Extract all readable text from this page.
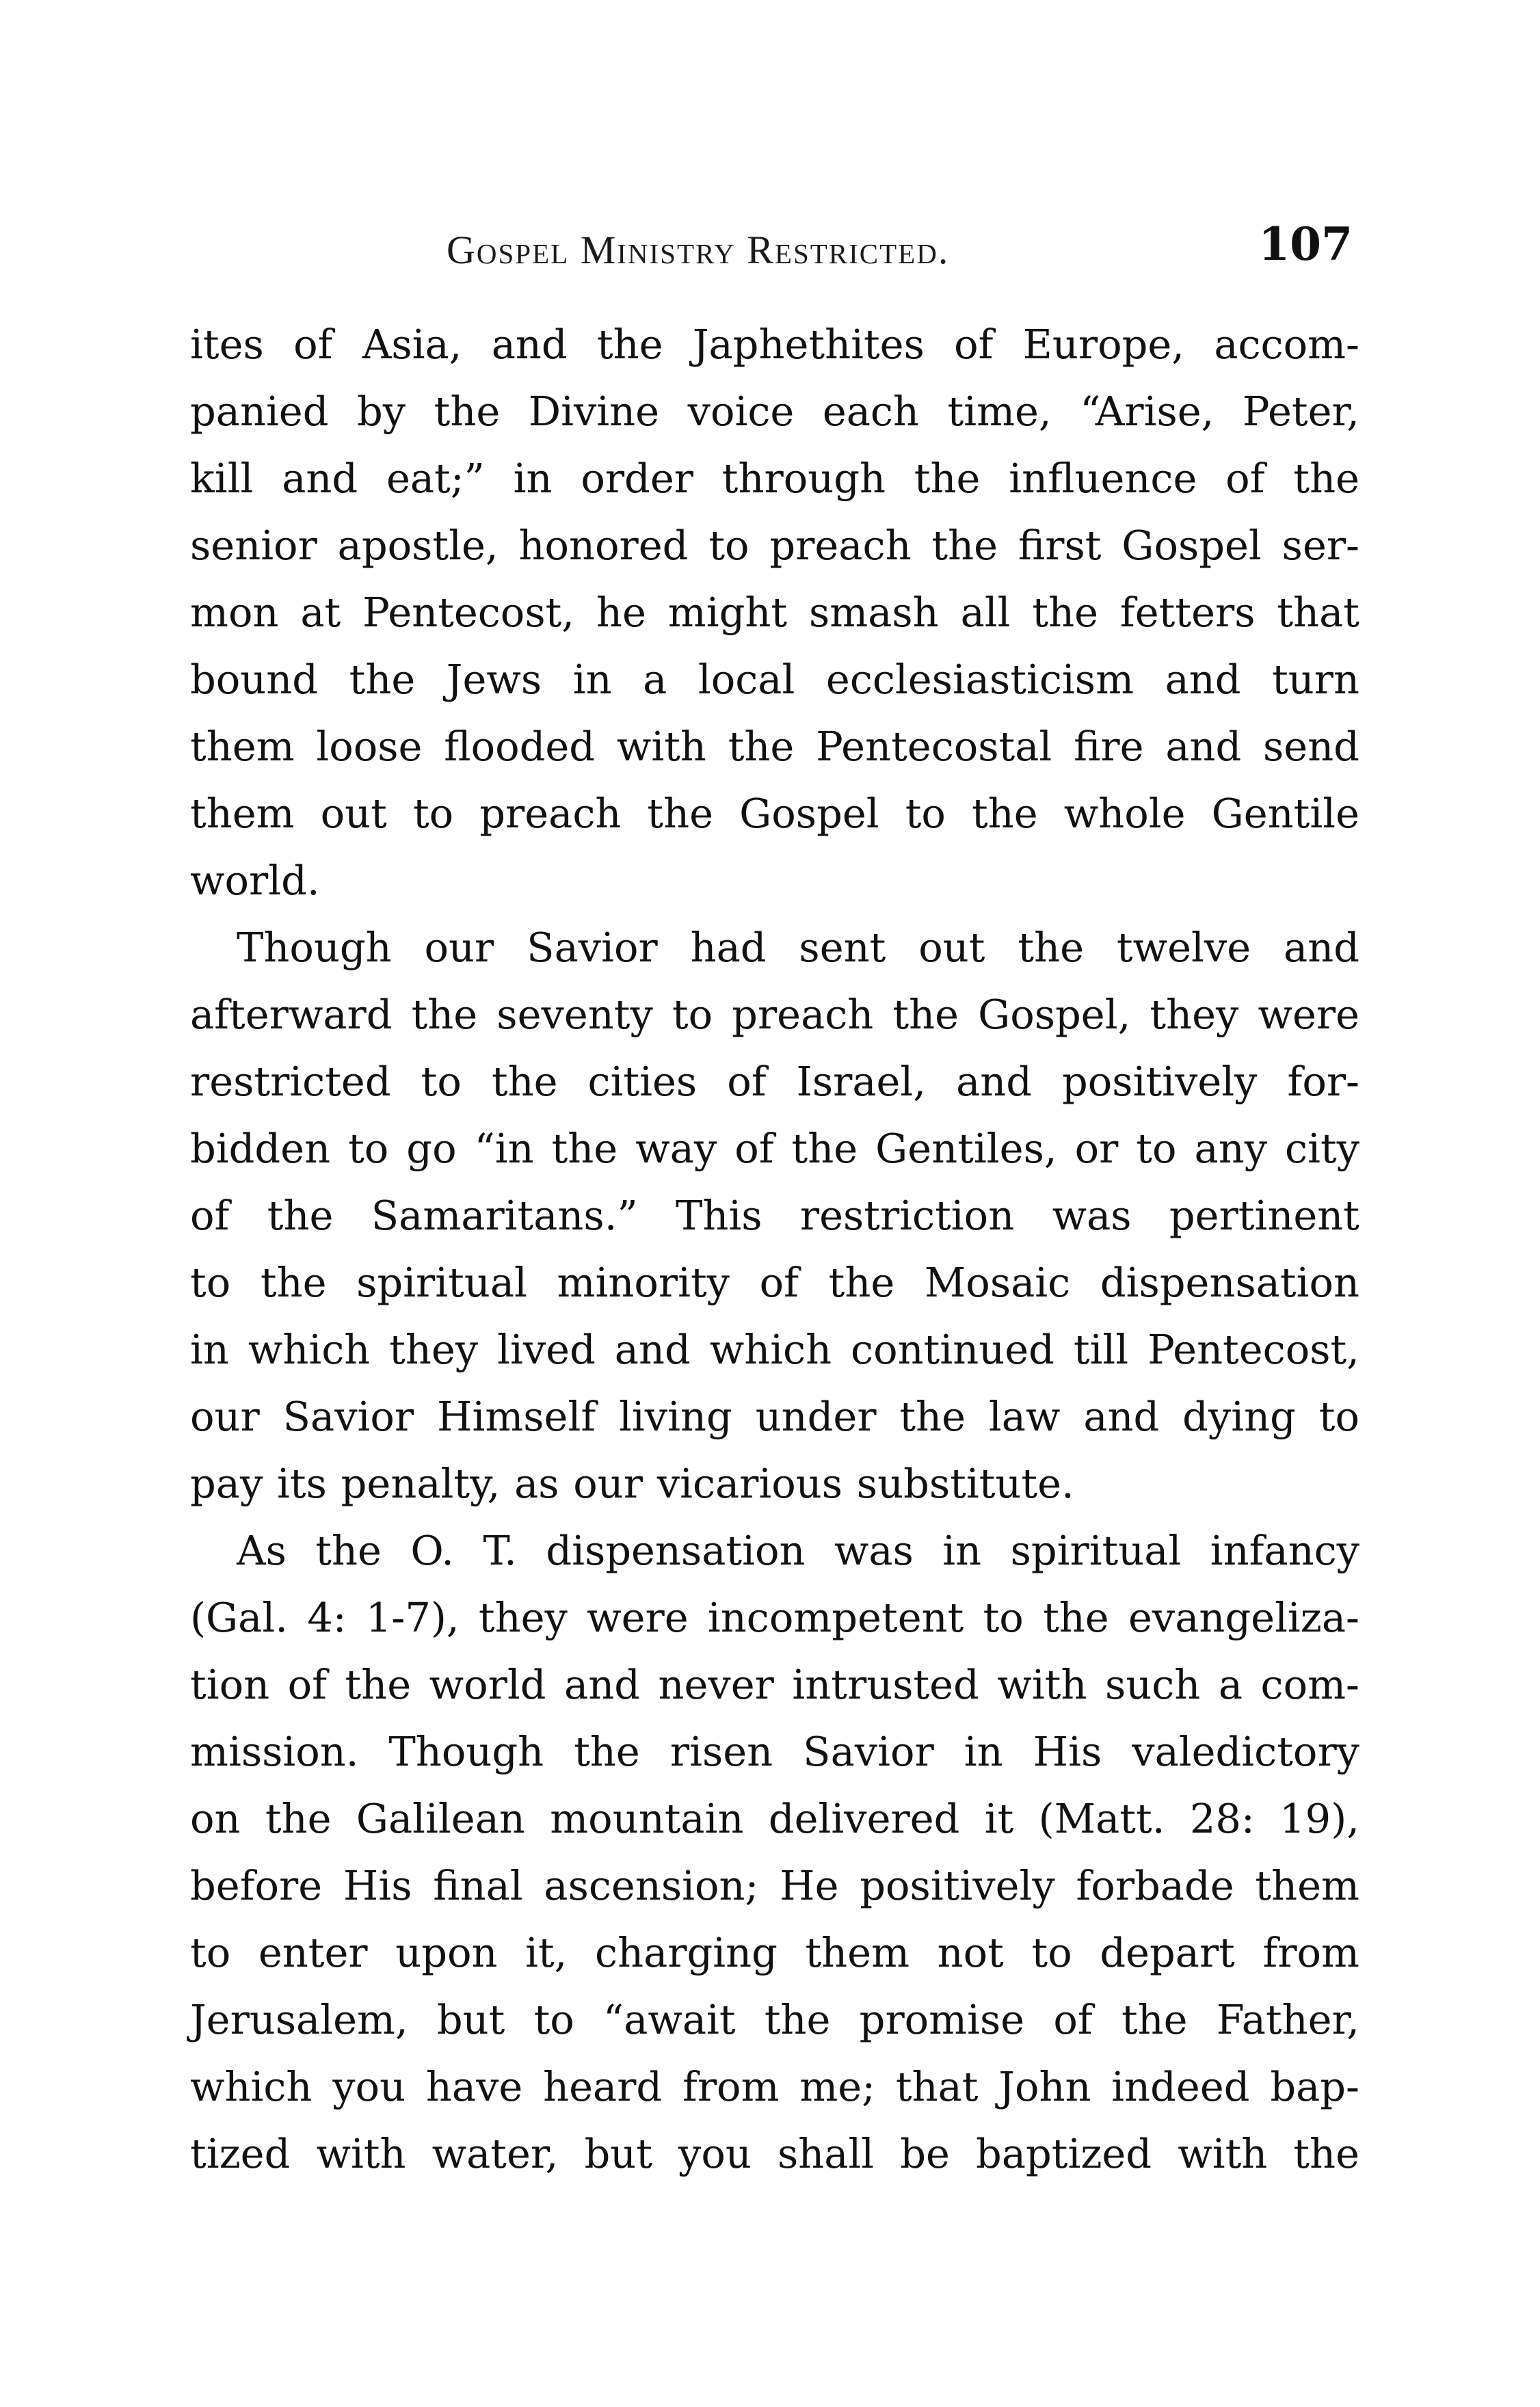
Gospel Ministry Restricted.	107
ites of Asia, and the Japhethites of Europe, accom-
panied by the Divine voice each time, “Arise, Peter,
kill and eat;” in order through the influence of the
senior apostle, honored to preach the first Gospel ser-
mon at Pentecost, he might smash all the fetters that
bound the Jews in a local ecclesiasticism and turn
them loose flooded with the Pentecostal fire and send
them out to preach the Gospel to the whole Gentile
world.
Though our Savior had sent out the twelve and
afterward the seventy to preach the Gospel, they were
restricted to the cities of Israel, and positively for-
bidden to go “in the way of the Gentiles, or to any city
of the Samaritans.” This restriction was pertinent
to the spiritual minority of the Mosaic dispensation
in which they lived and which continued till Pentecost,
our Savior Himself living under the law and dying to
pay its penalty, as our vicarious substitute.
As the O. T. dispensation was in spiritual infancy
(Gal. 4: 1-7), they were incompetent to the evangeliza-
tion of the world and never intrusted with such a com-
mission. Though the risen Savior in His valedictory
on the Galilean mountain delivered it (Matt. 28: 19),
before His final ascension; He positively forbade them
to enter upon it, charging them not to depart from
Jerusalem, but to “await the promise of the Father,
which you have heard from me; that John indeed bap-
tized with water, but you shall be baptized with the
